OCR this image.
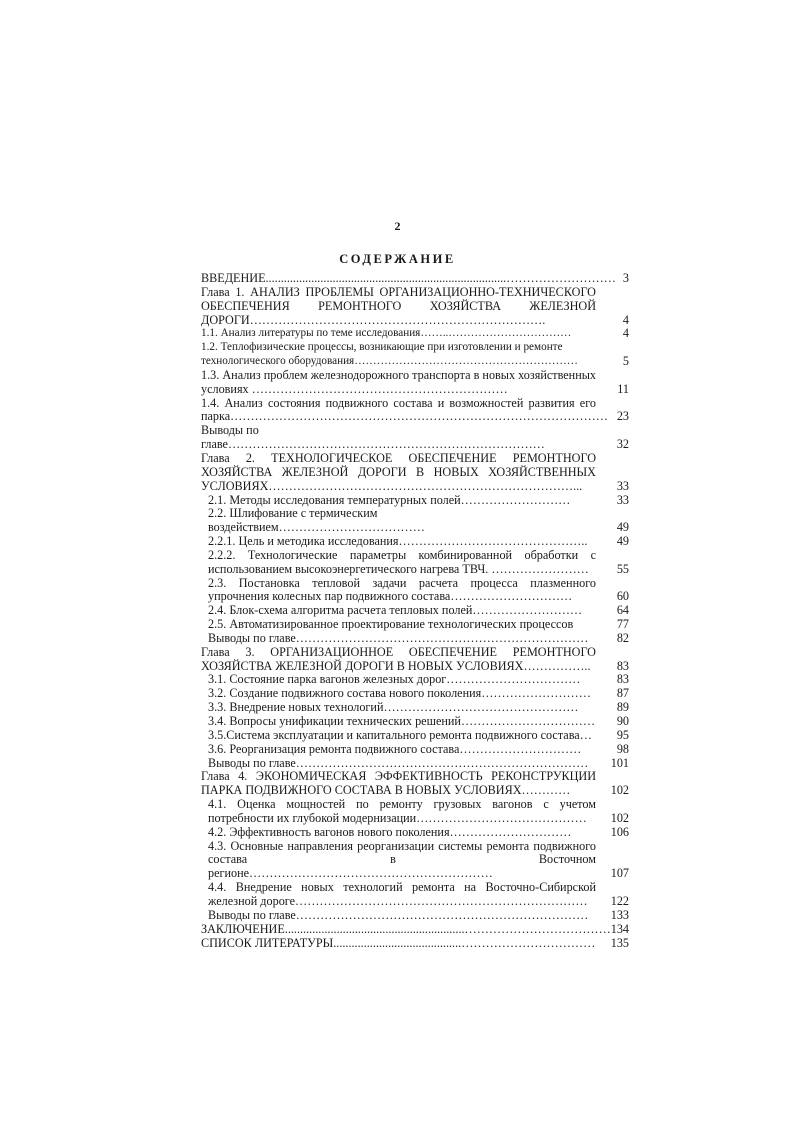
2
СОДЕРЖАНИЕ
ВВЕДЕНИЕ...............................................................................……………………… 3
Глава 1. АНАЛИЗ ПРОБЛЕМЫ ОРГАНИЗАЦИОННО-ТЕХНИЧЕСКОГО ОБЕСПЕЧЕНИЯ РЕМОНТНОГО ХОЗЯЙСТВА ЖЕЛЕЗНОЙ ДОРОГИ……………………………………………………………….	4
1.1. Анализ литературы по теме исследования……..……………………………	4
1.2. Теплофизические процессы, возникающие при изготовлении и ремонте технологического оборудования……………………………………………………	5
1.3. Анализ проблем железнодорожного транспорта в новых хозяйственных условиях ………………………………………………………	11
1.4. Анализ состояния подвижного состава и возможностей развития его парка………………………………………………………………………………… 23
Выводы по главе……………………………………………………………………	32
Глава 2. ТЕХНОЛОГИЧЕСКОЕ ОБЕСПЕЧЕНИЕ РЕМОНТНОГО ХОЗЯЙСТВА ЖЕЛЕЗНОЙ ДОРОГИ В НОВЫХ ХОЗЯЙСТВЕННЫХ УСЛОВИЯХ…………………………………………………………………...	33
2.1. Методы исследования температурных полей………………………	33
2.2. Шлифование с термическим воздействием………………………………	49
2.2.1. Цель и методика исследования………………………………………..	49
2.2.2. Технологические параметры комбинированной обработки с использованием высокоэнергетического нагрева ТВЧ. ……………………	55
2.3. Постановка тепловой задачи расчета процесса плазменного упрочнения колесных пар подвижного состава…………………………	60
2.4. Блок-схема алгоритма расчета тепловых полей………………………	64
2.5. Автоматизированное проектирование технологических процессов	77
Выводы по главе………………………………………………………………	82
Глава 3. ОРГАНИЗАЦИОННОЕ ОБЕСПЕЧЕНИЕ РЕМОНТНОГО ХОЗЯЙСТВА ЖЕЛЕЗНОЙ ДОРОГИ В НОВЫХ УСЛОВИЯХ……………..	83
3.1. Состояние парка вагонов железных дорог……………………………	83
3.2. Создание подвижного состава нового поколения………………………	87
3.3. Внедрение новых технологий…………………………………………	89
3.4. Вопросы унификации технических решений……………………………	90
3.5.Система эксплуатации и капитального ремонта подвижного состава…	95
3.6. Реорганизация ремонта подвижного состава…………………………	98
Выводы по главе………………………………………………………………	101
Глава 4. ЭКОНОМИЧЕСКАЯ ЭФФЕКТИВНОСТЬ РЕКОНСТРУКЦИИ ПАРКА ПОДВИЖНОГО СОСТАВА В НОВЫХ УСЛОВИЯХ…………	102
4.1. Оценка мощностей по ремонту грузовых вагонов с учетом потребности их глубокой модернизации……………………………………	102
4.2. Эффективность вагонов нового поколения…………………………	106
4.3. Основные направления реорганизации системы ремонта подвижного состава в Восточном регионе……………………………………………………	107
4.4. Внедрение новых технологий ремонта на Восточно-Сибирской железной дороге………………………………………………………………	122
Выводы по главе………………………………………………………………	133
ЗАКЛЮЧЕНИЕ...........................................................……………………………… 134
СПИСОК ЛИТЕРАТУРЫ..........................................……………………………	135
